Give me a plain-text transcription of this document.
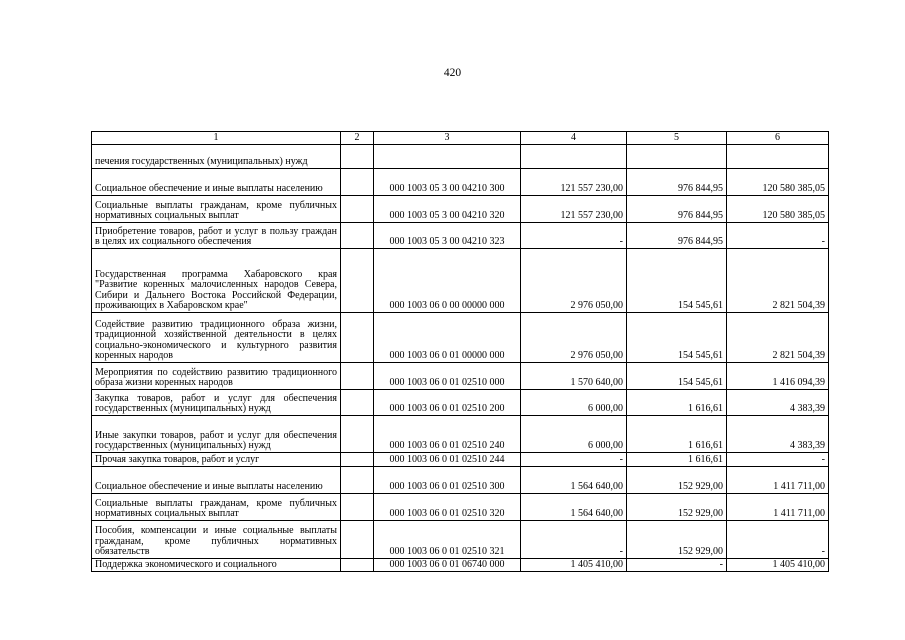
420
1	2	3	4	5	6
печения государственных (муниципальных) нужд					
Социальное обеспечение и иные выплаты населению		000 1003 05 3 00 04210 300	121 557 230,00	976 844,95	120 580 385,05
Социальные выплаты гражданам, кроме публичных нормативных социальных выплат		000 1003 05 3 00 04210 320	121 557 230,00	976 844,95	120 580 385,05
Приобретение товаров, работ и услуг в пользу граждан в целях их социального обеспечения		000 1003 05 3 00 04210 323	-	976 844,95	-
Государственная программа Хабаровского края "Развитие коренных малочисленных народов Севера, Сибири и Дальнего Востока Российской Федерации, проживающих в Хабаровском крае"		000 1003 06 0 00 00000 000	2 976 050,00	154 545,61	2 821 504,39
Содействие развитию традиционного образа жизни, традиционной хозяйственной деятельности в целях социально-экономического и культурного развития коренных народов		000 1003 06 0 01 00000 000	2 976 050,00	154 545,61	2 821 504,39
Мероприятия по содействию развитию традиционного образа жизни коренных народов		000 1003 06 0 01 02510 000	1 570 640,00	154 545,61	1 416 094,39
Закупка товаров, работ и услуг для обеспечения государственных (муниципальных) нужд		000 1003 06 0 01 02510 200	6 000,00	1 616,61	4 383,39
Иные закупки товаров, работ и услуг для обеспечения государственных (муниципальных) нужд		000 1003 06 0 01 02510 240	6 000,00	1 616,61	4 383,39
Прочая закупка товаров, работ и услуг		000 1003 06 0 01 02510 244	-	1 616,61	-
Социальное обеспечение и иные выплаты населению		000 1003 06 0 01 02510 300	1 564 640,00	152 929,00	1 411 711,00
Социальные выплаты гражданам, кроме публичных нормативных социальных выплат		000 1003 06 0 01 02510 320	1 564 640,00	152 929,00	1 411 711,00
Пособия, компенсации и иные социальные выплаты гражданам, кроме публичных нормативных обязательств		000 1003 06 0 01 02510 321	-	152 929,00	-
Поддержка экономического и социального		000 1003 06 0 01 06740 000	1 405 410,00	-	1 405 410,00
